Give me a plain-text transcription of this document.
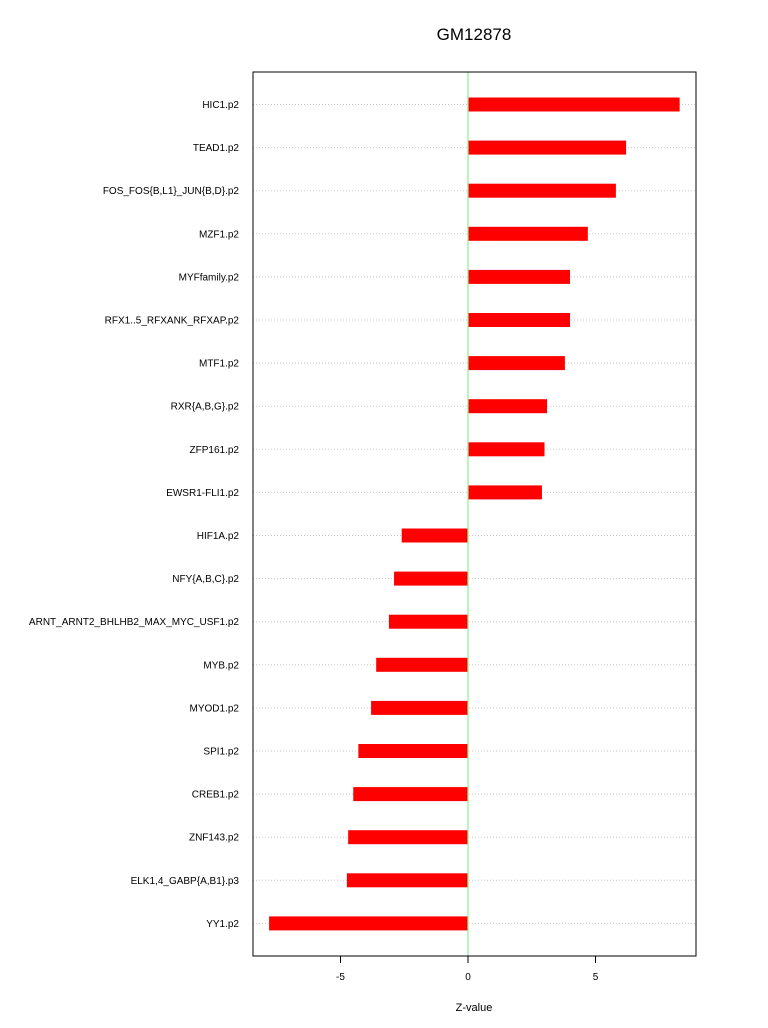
GM12878
HIC1.p2
TEAD1.p2
FOS_FOS{B,L1}_JUN{B,D}.p2
MZF1.p2
MYFfamily.p2
RFX1..5_RFXANK_RFXAP.p2
MTF1.p2
RXR{A,B,G}.p2
ZFP161.p2
EWSR1-FLI1.p2
HIF1A.p2
NFY{A,B,C}.p2
ARNT_ARNT2_BHLHB2_MAX_MYC_USF1.p2
MYB.p2
MYOD1.p2
SPI1.p2
CREB1.p2
ZNF143.p2
ELK1,4_GABP{A,B1}.p3
YY1.p2
-5	0	5
Z-value
